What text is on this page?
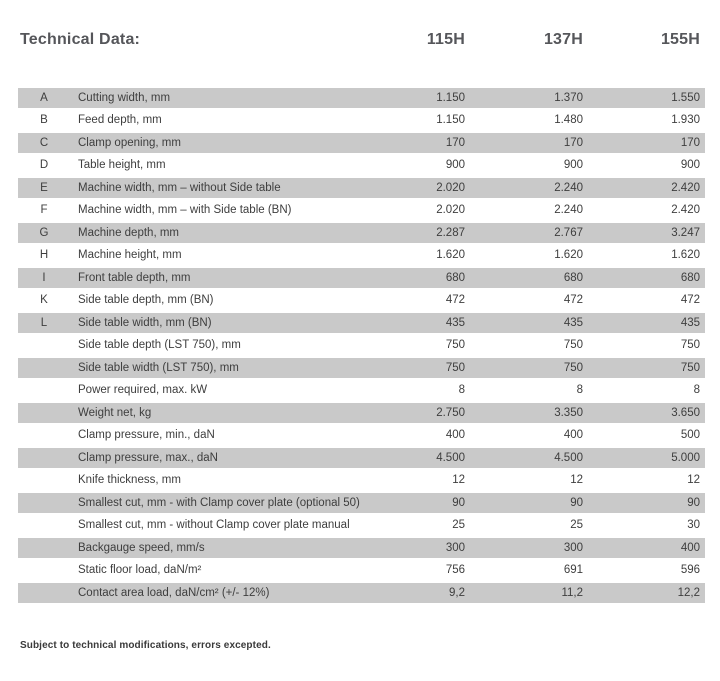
Technical Data:	115H	137H	155H
A	Cutting width, mm	1.150	1.370	1.550
B	Feed depth, mm	1.150	1.480	1.930
C	Clamp opening, mm	170	170	170
D	Table height, mm	900	900	900
E	Machine width, mm – without Side table	2.020	2.240	2.420
F	Machine width, mm – with Side table (BN)	2.020	2.240	2.420
G	Machine depth, mm	2.287	2.767	3.247
H	Machine height, mm	1.620	1.620	1.620
I	Front table depth, mm	680	680	680
K	Side table depth, mm (BN)	472	472	472
L	Side table width, mm (BN)	435	435	435
Side table depth (LST 750), mm	750	750	750
Side table width (LST 750), mm	750	750	750
Power required, max. kW	8	8	8
Weight net, kg	2.750	3.350	3.650
Clamp pressure, min., daN	400	400	500
Clamp pressure, max., daN	4.500	4.500	5.000
Knife thickness, mm	12	12	12
Smallest cut, mm - with Clamp cover plate (optional 50)	90	90	90
Smallest cut, mm - without Clamp cover plate manual	25	25	30
Backgauge speed, mm/s	300	300	400
Static floor load, daN/m²	756	691	596
Contact area load, daN/cm² (+/- 12%)	9,2	11,2	12,2
Subject to technical modifications, errors excepted.
